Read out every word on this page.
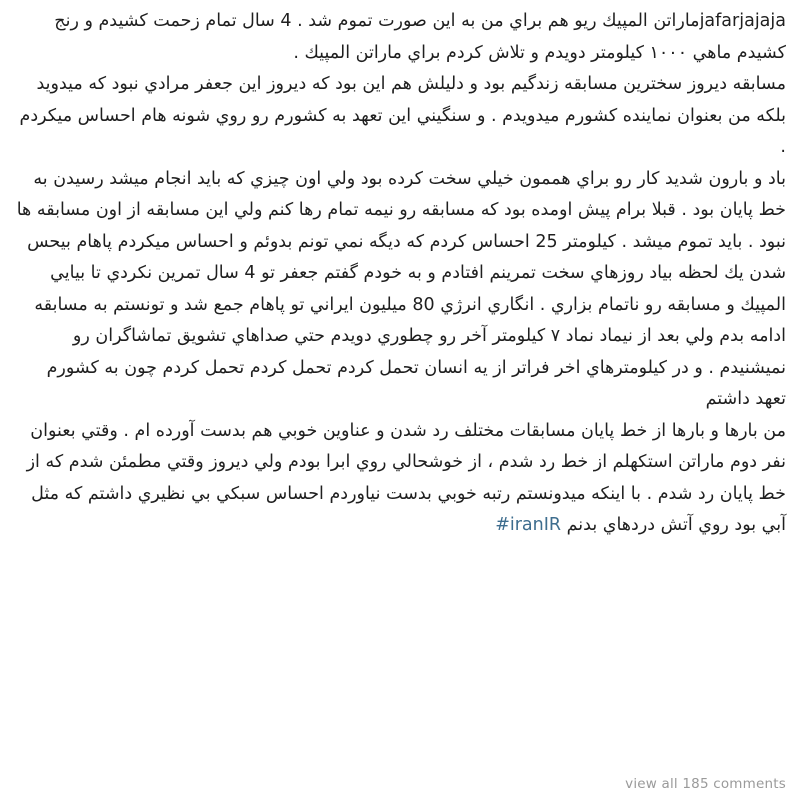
jafarjajajaماراتن المپيك ريو هم براي من به اين صورت تموم شد . 4 سال تمام زحمت کشيدم و رنج کشيدم ماهي ۱۰۰۰ کيلومتر دويدم و تلاش کردم براي ماراتن المپيك .

مسابقه ديروز سخترين مسابقه زندگيم بود و دليلش هم اين بود که ديروز اين جعفر مرادي نبود که ميدويد بلکه من بعنوان نماينده کشورم ميدويدم . و سنگيني اين تعهد به کشورم رو روي شونه هام احساس ميکردم .

باد و بارون شديد کار رو براي هممون خيلي سخت کرده بود ولي اون چيزي که بايد انجام ميشد رسيدن به خط پايان بود . قبلا برام پيش اومده بود که مسابقه رو نيمه تمام رها کنم ولي اين مسابقه از اون مسابقه ها نبود . بايد تموم ميشد . کيلومتر 25 احساس کردم که ديگه نمي تونم بدوئم و احساس ميکردم پاهام بيحس شدن يك لحظه بياد روزهاي سخت تمرينم افتادم و به خودم گفتم جعفر تو 4 سال تمرين نکردي تا بيايي المپيك و مسابقه رو ناتمام بزاري . انگاري انرژي 80 ميليون ايراني تو پاهام جمع شد و تونستم به مسابقه ادامه بدم ولي بعد از نيماد نماد ٧ کيلومتر آخر رو چطوري دويدم حتي صداهاي تشويق تماشاگران رو نميشنيدم . و در کيلومترهاي اخر فراتر از يه انسان تحمل کردم تحمل کردم تحمل کردم چون به کشورم تعهد داشتم

من بارها و بارها از خط پايان مسابقات مختلف رد شدن و عناوين خوبي هم بدست آورده ام . وقتي بعنوان نفر دوم ماراتن استکهلم از خط رد شدم ، از خوشحالي روي ابرا بودم ولي ديروز وقتي مطمئن شدم که از خط پايان رد شدم . با اينکه ميدونستم رتبه خوبي بدست نياوردم احساس سبکي بي نظيري داشتم که مثل آبي بود روي آتش دردهاي بدنم #iranIR

view all 185 comments
